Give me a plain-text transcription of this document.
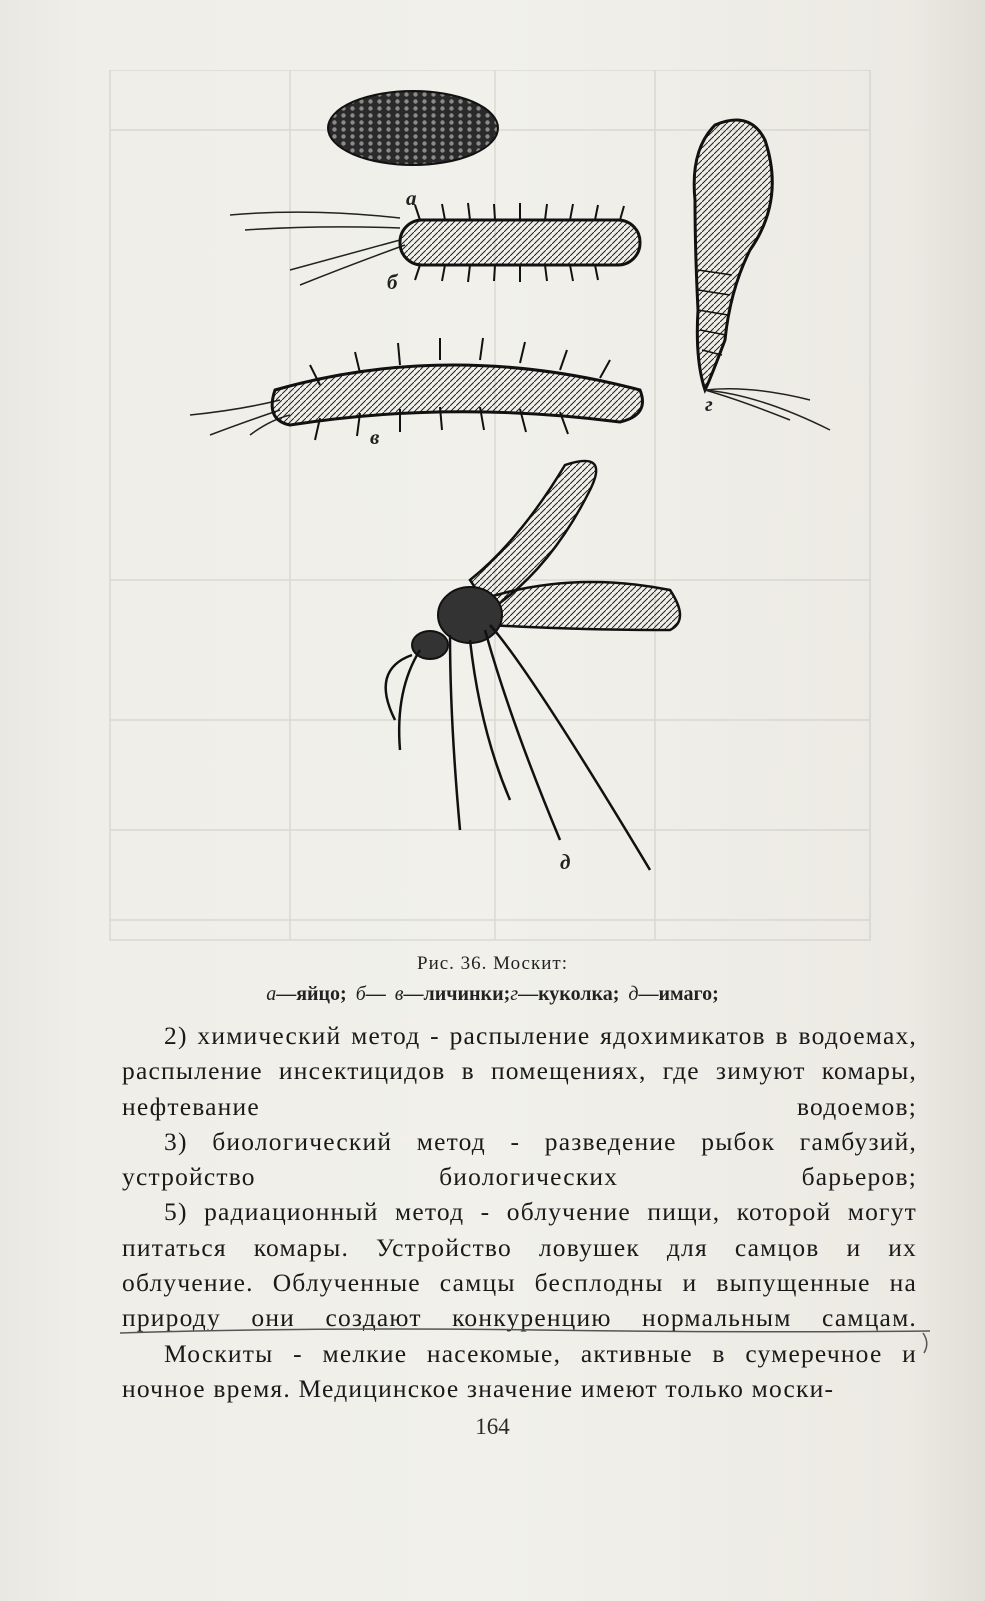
а
б
в
г
д
Рис. 36. Москит:
а—яйцо; б— в—личинки;г—куколка; д—имаго;

2) химический метод - распыление ядохимикатов в водоемах, распыление инсектицидов в помещениях, где зимуют комары, нефтевание водоемов;

3) биологический метод - разведение рыбок гамбузий, устройство биологических барьеров;

5) радиационный метод - облучение пищи, которой могут питаться комары. Устройство ловушек для самцов и их облучение. Облученные самцы бесплодны и выпущенные на природу они создают конкуренцию нормальным самцам.

Москиты - мелкие насекомые, активные в сумеречное и ночное время. Медицинское значение имеют только моски-

164
